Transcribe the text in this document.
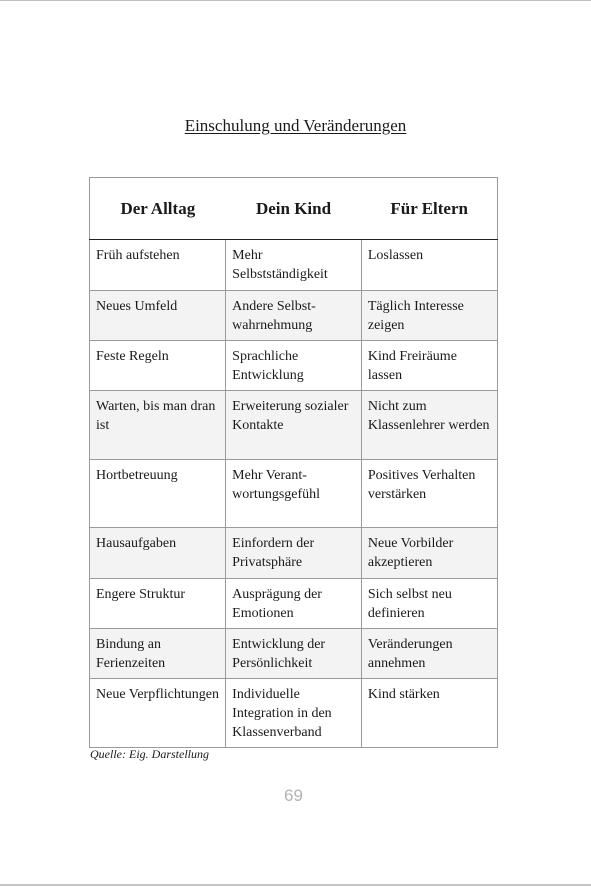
Einschulung und Veränderungen
Der Alltag	Dein Kind	Für Eltern
Früh aufstehen	Mehr Selbstständigkeit	Loslassen
Neues Umfeld	Andere Selbst-wahrnehmung	Täglich Interesse zeigen
Feste Regeln	Sprachliche Entwicklung	Kind Freiräume lassen
Warten, bis man dran ist	Erweiterung sozialer Kontakte	Nicht zum Klassenlehrer werden
Hortbetreuung	Mehr Verant-wortungsgefühl	Positives Verhalten verstärken
Hausaufgaben	Einfordern der Privatsphäre	Neue Vorbilder akzeptieren
Engere Struktur	Ausprägung der Emotionen	Sich selbst neu definieren
Bindung an Ferienzeiten	Entwicklung der Persönlichkeit	Veränderungen annehmen
Neue Verpflichtungen	Individuelle Integration in den Klassenverband	Kind stärken
Quelle: Eig. Darstellung
69
